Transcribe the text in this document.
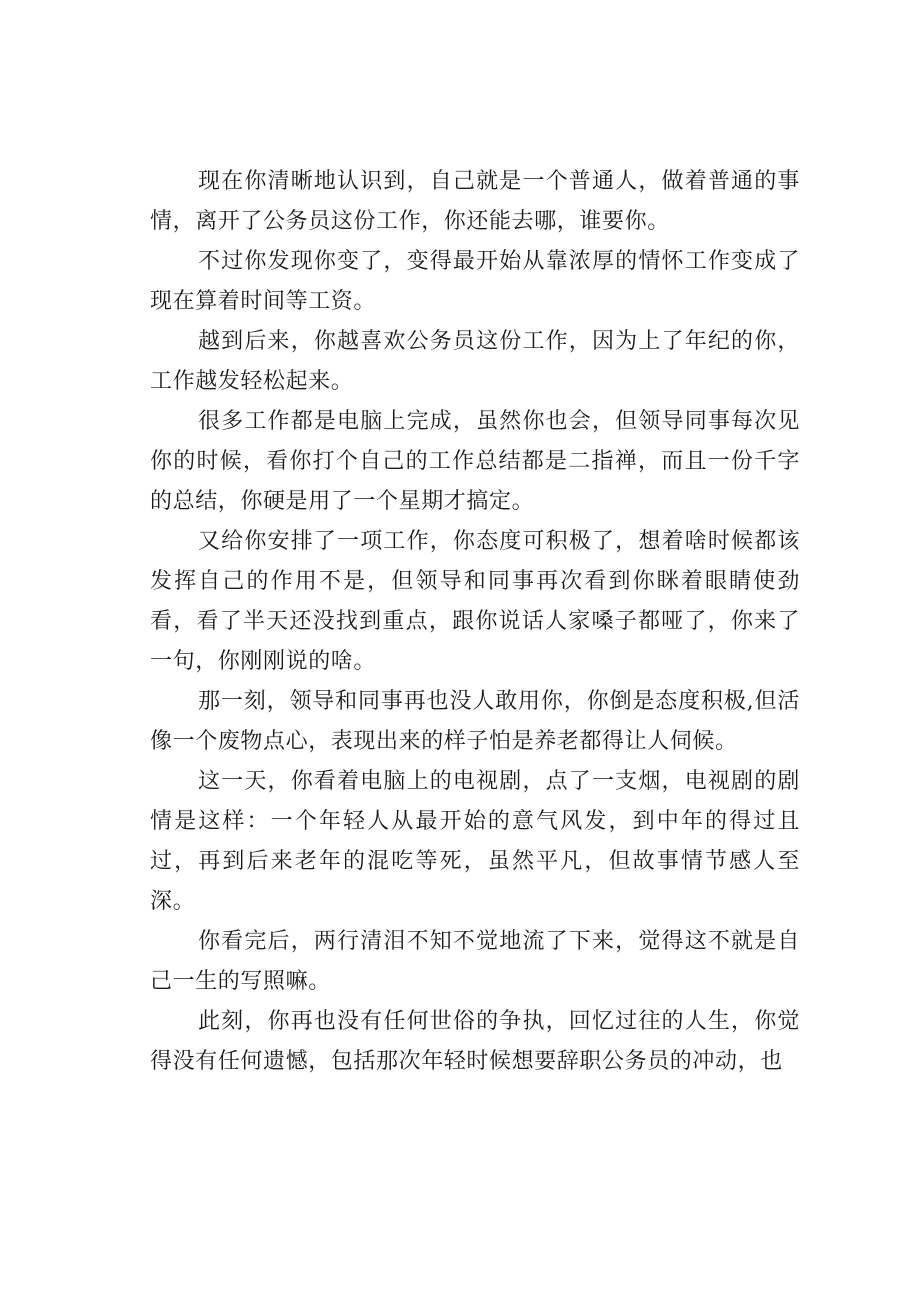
现在你清晰地认识到，自己就是一个普通人，做着普通的事情，离开了公务员这份工作，你还能去哪，谁要你。

不过你发现你变了，变得最开始从靠浓厚的情怀工作变成了现在算着时间等工资。

越到后来，你越喜欢公务员这份工作，因为上了年纪的你，工作越发轻松起来。

很多工作都是电脑上完成，虽然你也会，但领导同事每次见你的时候，看你打个自己的工作总结都是二指禅，而且一份千字的总结，你硬是用了一个星期才搞定。

又给你安排了一项工作，你态度可积极了，想着啥时候都该发挥自己的作用不是，但领导和同事再次看到你眯着眼睛使劲看，看了半天还没找到重点，跟你说话人家嗓子都哑了，你来了一句，你刚刚说的啥。

那一刻，领导和同事再也没人敢用你，你倒是态度积极,但活像一个废物点心，表现出来的样子怕是养老都得让人伺候。

这一天，你看着电脑上的电视剧，点了一支烟，电视剧的剧情是这样：一个年轻人从最开始的意气风发，到中年的得过且过，再到后来老年的混吃等死，虽然平凡，但故事情节感人至深。

你看完后，两行清泪不知不觉地流了下来，觉得这不就是自己一生的写照嘛。

此刻，你再也没有任何世俗的争执，回忆过往的人生，你觉得没有任何遗憾，包括那次年轻时候想要辞职公务员的冲动，也
